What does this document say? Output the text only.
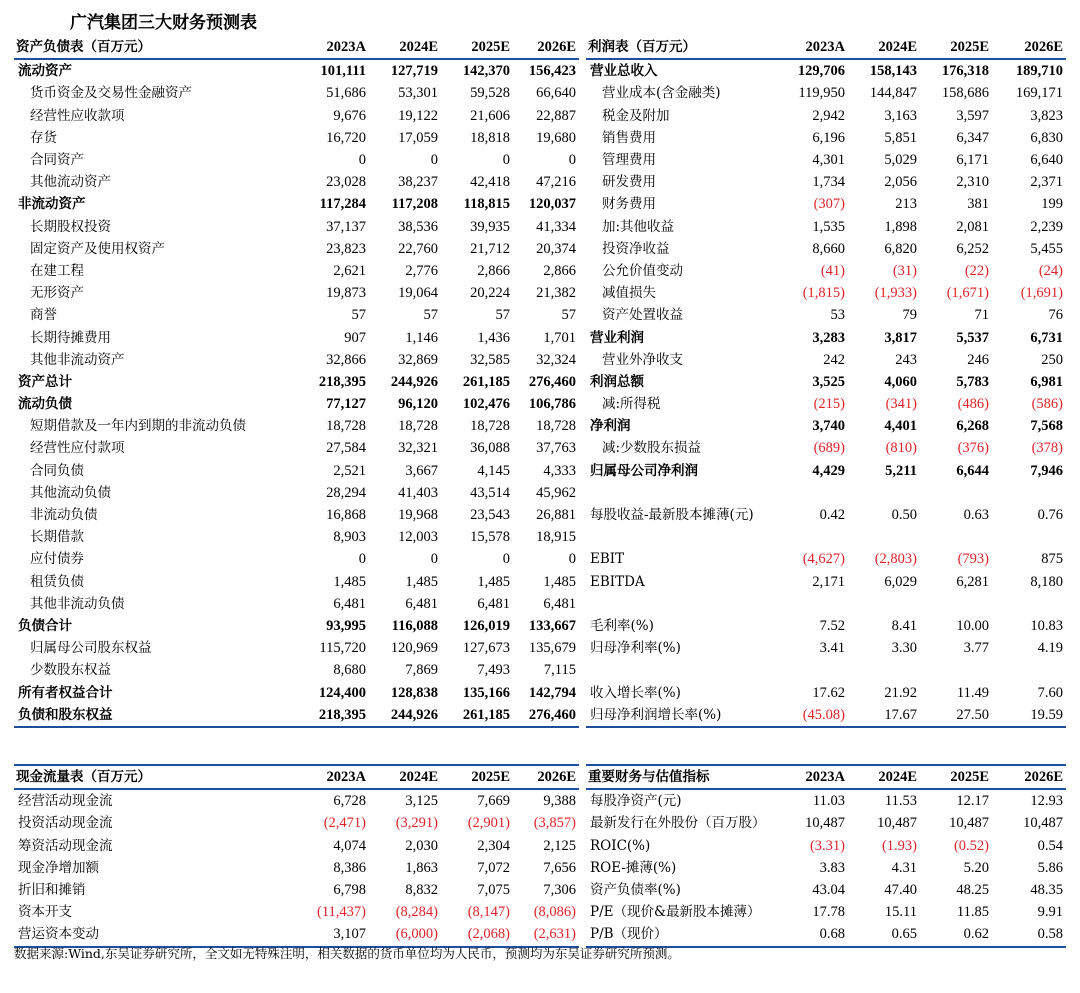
广汽集团三大财务预测表
资产负债表（百万元）	2023A	2024E	2025E	2026E
流动资产	101,111	127,719	142,370	156,423
货币资金及交易性金融资产	51,686	53,301	59,528	66,640
经营性应收款项	9,676	19,122	21,606	22,887
存货	16,720	17,059	18,818	19,680
合同资产	0	0	0	0
其他流动资产	23,028	38,237	42,418	47,216
非流动资产	117,284	117,208	118,815	120,037
长期股权投资	37,137	38,536	39,935	41,334
固定资产及使用权资产	23,823	22,760	21,712	20,374
在建工程	2,621	2,776	2,866	2,866
无形资产	19,873	19,064	20,224	21,382
商誉	57	57	57	57
长期待摊费用	907	1,146	1,436	1,701
其他非流动资产	32,866	32,869	32,585	32,324
资产总计	218,395	244,926	261,185	276,460
流动负债	77,127	96,120	102,476	106,786
短期借款及一年内到期的非流动负债	18,728	18,728	18,728	18,728
经营性应付款项	27,584	32,321	36,088	37,763
合同负债	2,521	3,667	4,145	4,333
其他流动负债	28,294	41,403	43,514	45,962
非流动负债	16,868	19,968	23,543	26,881
长期借款	8,903	12,003	15,578	18,915
应付债券	0	0	0	0
租赁负债	1,485	1,485	1,485	1,485
其他非流动负债	6,481	6,481	6,481	6,481
负债合计	93,995	116,088	126,019	133,667
归属母公司股东权益	115,720	120,969	127,673	135,679
少数股东权益	8,680	7,869	7,493	7,115
所有者权益合计	124,400	128,838	135,166	142,794
负债和股东权益	218,395	244,926	261,185	276,460
利润表（百万元）	2023A	2024E	2025E	2026E
营业总收入	129,706	158,143	176,318	189,710
营业成本(含金融类)	119,950	144,847	158,686	169,171
税金及附加	2,942	3,163	3,597	3,823
销售费用	6,196	5,851	6,347	6,830
管理费用	4,301	5,029	6,171	6,640
研发费用	1,734	2,056	2,310	2,371
财务费用	(307)	213	381	199
加:其他收益	1,535	1,898	2,081	2,239
投资净收益	8,660	6,820	6,252	5,455
公允价值变动	(41)	(31)	(22)	(24)
减值损失	(1,815)	(1,933)	(1,671)	(1,691)
资产处置收益	53	79	71	76
营业利润	3,283	3,817	5,537	6,731
营业外净收支	242	243	246	250
利润总额	3,525	4,060	5,783	6,981
减:所得税	(215)	(341)	(486)	(586)
净利润	3,740	4,401	6,268	7,568
减:少数股东损益	(689)	(810)	(376)	(378)
归属母公司净利润	4,429	5,211	6,644	7,946

每股收益-最新股本摊薄(元)	0.42	0.50	0.63	0.76

EBIT	(4,627)	(2,803)	(793)	875
EBITDA	2,171	6,029	6,281	8,180

毛利率(%)	7.52	8.41	10.00	10.83
归母净利率(%)	3.41	3.30	3.77	4.19

收入增长率(%)	17.62	21.92	11.49	7.60
归母净利润增长率(%)	(45.08)	17.67	27.50	19.59
现金流量表（百万元）	2023A	2024E	2025E	2026E
经营活动现金流	6,728	3,125	7,669	9,388
投资活动现金流	(2,471)	(3,291)	(2,901)	(3,857)
筹资活动现金流	4,074	2,030	2,304	2,125
现金净增加额	8,386	1,863	7,072	7,656
折旧和摊销	6,798	8,832	7,075	7,306
资本开支	(11,437)	(8,284)	(8,147)	(8,086)
营运资本变动	3,107	(6,000)	(2,068)	(2,631)
重要财务与估值指标	2023A	2024E	2025E	2026E
每股净资产(元)	11.03	11.53	12.17	12.93
最新发行在外股份（百万股）	10,487	10,487	10,487	10,487
ROIC(%)	(3.31)	(1.93)	(0.52)	0.54
ROE-摊薄(%)	3.83	4.31	5.20	5.86
资产负债率(%)	43.04	47.40	48.25	48.35
P/E（现价&最新股本摊薄）	17.78	15.11	11.85	9.91
P/B（现价）	0.68	0.65	0.62	0.58
数据来源:Wind,东吴证券研究所，全文如无特殊注明，相关数据的货币单位均为人民币，预测均为东吴证券研究所预测。
